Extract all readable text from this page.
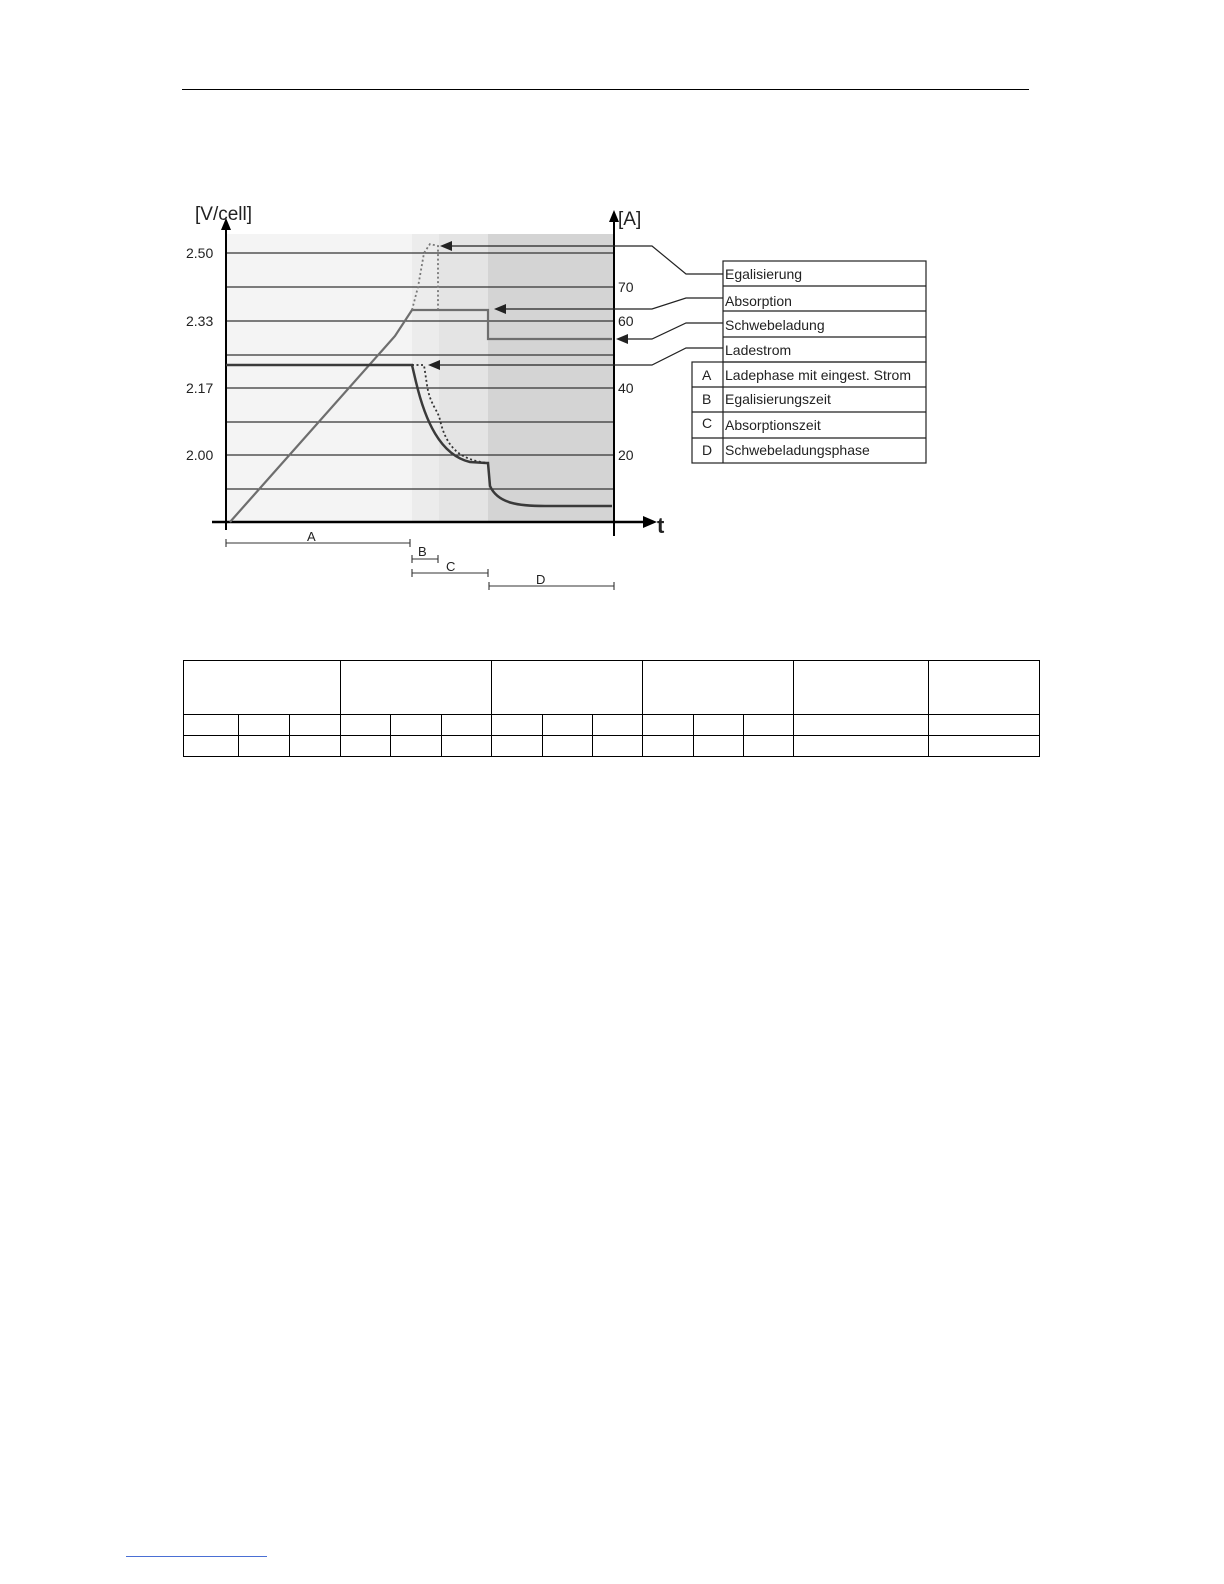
[V/cell]	[A]
t
2.50
2.33
2.17
2.00
70
60
40
20
Egalisierung
Absorption
Schwebeladung
Ladestrom
A Ladephase mit eingest. Strom
B Egalisierungszeit
C Absorptionszeit
D Schwebeladungsphase
A
B
C
D
